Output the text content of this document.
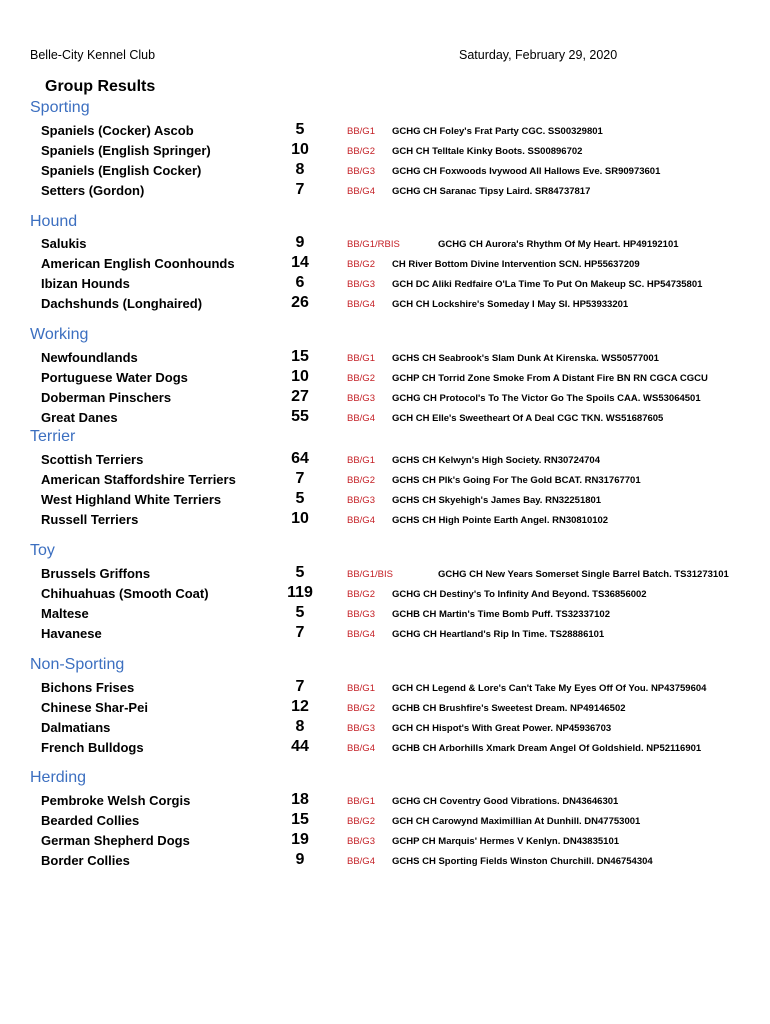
Belle-City Kennel Club	Saturday, February 29, 2020
Group Results
Sporting
Spaniels (Cocker) Ascob	5	BB/G1 GCHG CH Foley's Frat Party CGC. SS00329801
Spaniels (English Springer)	10	BB/G2 GCH CH Telltale Kinky Boots. SS00896702
Spaniels (English Cocker)	8	BB/G3 GCHG CH Foxwoods Ivywood All Hallows Eve. SR90973601
Setters (Gordon)	7	BB/G4 GCHG CH Saranac Tipsy Laird. SR84737817
Hound
Salukis	9	BB/G1/RBIS	GCHG CH Aurora's Rhythm Of My Heart. HP49192101
American English Coonhounds	14	BB/G2 CH River Bottom Divine Intervention SCN. HP55637209
Ibizan Hounds	6	BB/G3 GCH DC Aliki Redfaire O'La Time To Put On Makeup SC. HP54735801
Dachshunds (Longhaired)	26	BB/G4 GCH CH Lockshire's Someday I May SI. HP53933201
Working
Newfoundlands	15	BB/G1 GCHS CH Seabrook's Slam Dunk At Kirenska. WS50577001
Portuguese Water Dogs	10	BB/G2 GCHP CH Torrid Zone Smoke From A Distant Fire BN RN CGCA CGCU
Doberman Pinschers	27	BB/G3 GCHG CH Protocol's To The Victor Go The Spoils CAA. WS53064501
Great Danes	55	BB/G4 GCH CH Elle's Sweetheart Of A Deal CGC TKN. WS51687605
Terrier
Scottish Terriers	64	BB/G1 GCHS CH Kelwyn's High Society. RN30724704
American Staffordshire Terriers	7	BB/G2 GCHS CH Plk's Going For The Gold BCAT. RN31767701
West Highland White Terriers	5	BB/G3 GCHS CH Skyehigh's James Bay. RN32251801
Russell Terriers	10	BB/G4 GCHS CH High Pointe Earth Angel. RN30810102
Toy
Brussels Griffons	5	BB/G1/BIS	GCHG CH New Years Somerset Single Barrel Batch. TS31273101
Chihuahuas (Smooth Coat)	119	BB/G2 GCHG CH Destiny's To Infinity And Beyond. TS36856002
Maltese	5	BB/G3 GCHB CH Martin's Time Bomb Puff. TS32337102
Havanese	7	BB/G4 GCHG CH Heartland's Rip In Time. TS28886101
Non-Sporting
Bichons Frises	7	BB/G1 GCH CH Legend & Lore's Can't Take My Eyes Off Of You. NP43759604
Chinese Shar-Pei	12	BB/G2 GCHB CH Brushfire's Sweetest Dream. NP49146502
Dalmatians	8	BB/G3 GCH CH Hispot's With Great Power. NP45936703
French Bulldogs	44	BB/G4 GCHB CH Arborhills Xmark Dream Angel Of Goldshield. NP52116901
Herding
Pembroke Welsh Corgis	18	BB/G1 GCHG CH Coventry Good Vibrations. DN43646301
Bearded Collies	15	BB/G2 GCH CH Carowynd Maximillian At Dunhill. DN47753001
German Shepherd Dogs	19	BB/G3 GCHP CH Marquis' Hermes V Kenlyn. DN43835101
Border Collies	9	BB/G4 GCHS CH Sporting Fields Winston Churchill. DN46754304
